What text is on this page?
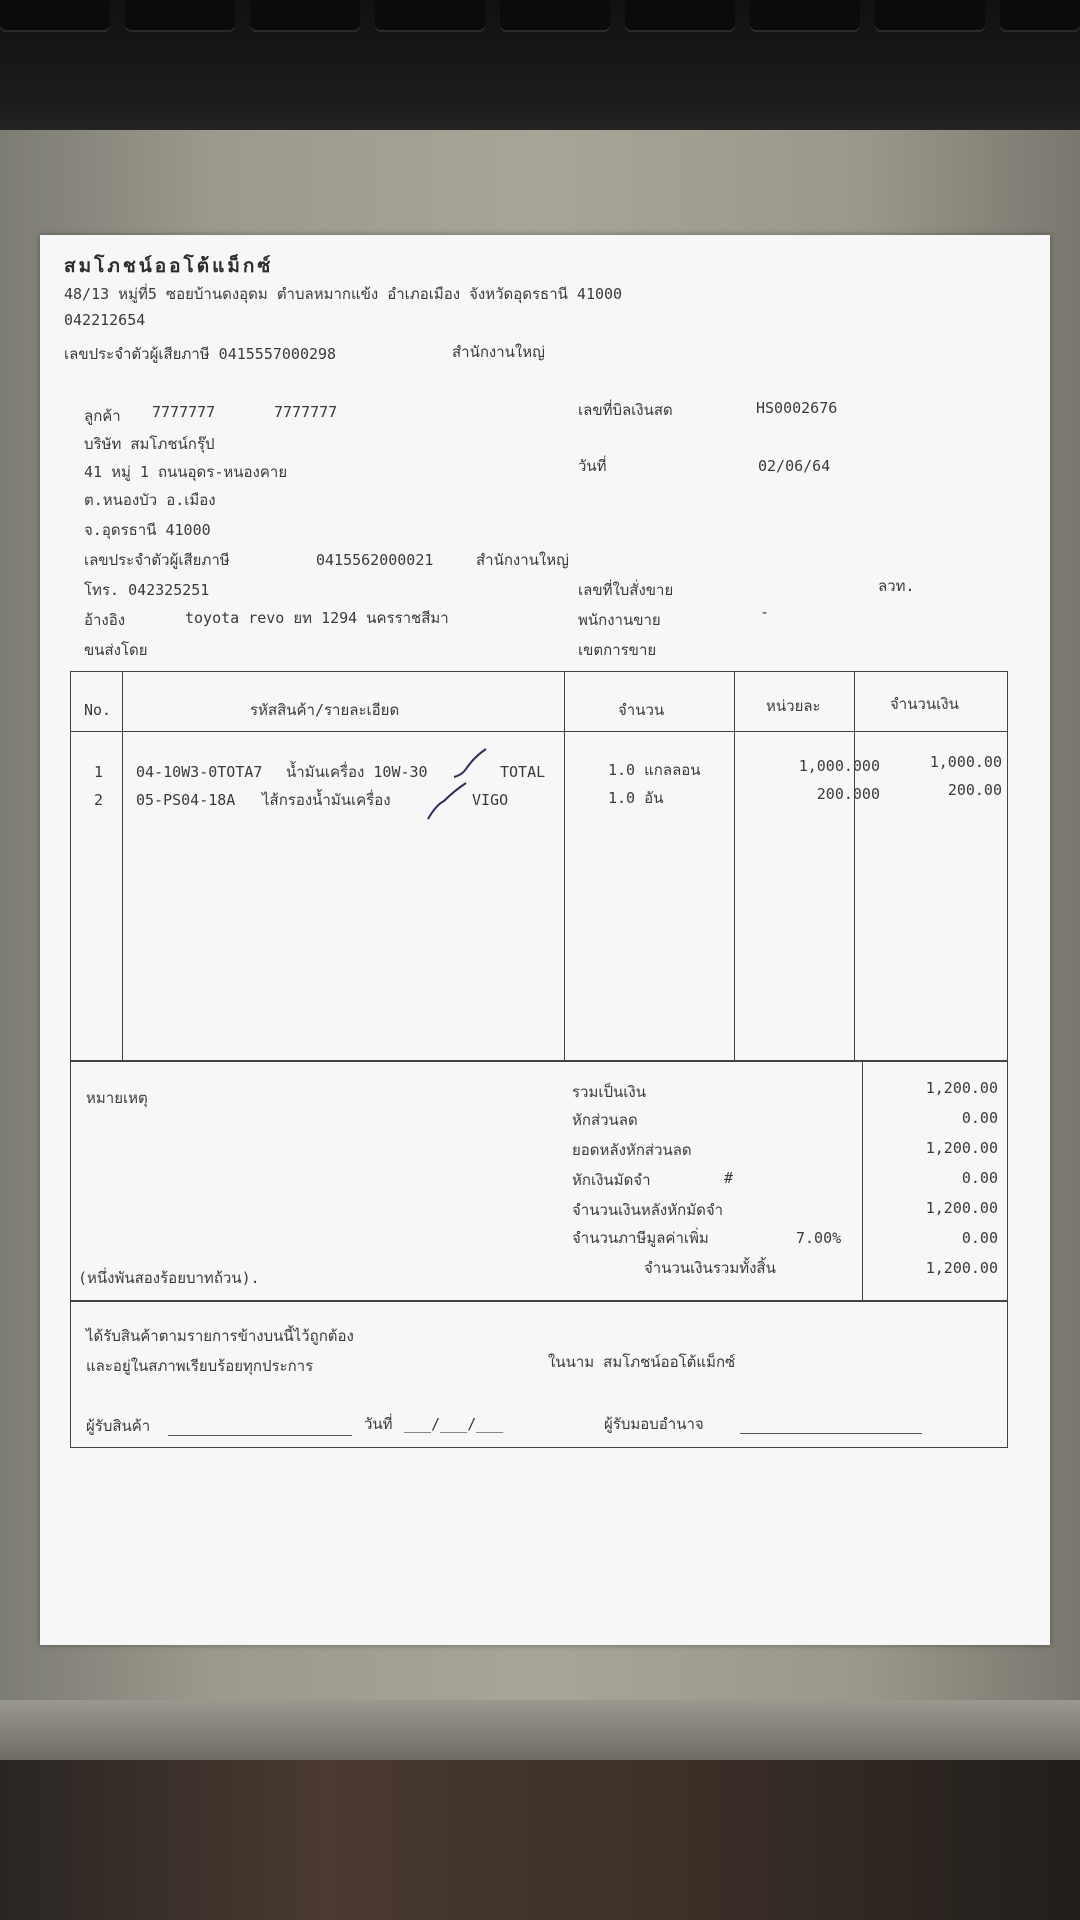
สมโภชน์ออโต้แม็กซ์
48/13 หมู่ที่5 ซอยบ้านดงอุดม ตำบลหมากแข้ง อำเภอเมือง จังหวัดอุดรธานี 41000
042212654
เลขประจำตัวผู้เสียภาษี 0415557000298	สำนักงานใหญ่
ลูกค้า 7777777	7777777
บริษัท สมโภชน์กรุ๊ป
41 หมู่ 1 ถนนอุดร-หนองคาย
ต.หนองบัว อ.เมือง
จ.อุดรธานี 41000
เลขประจำตัวผู้เสียภาษี	0415562000021	สำนักงานใหญ่
โทร. 042325251
อ้างอิง	toyota revo ยท 1294 นครราชสีมา
ขนส่งโดย
เลขที่บิลเงินสด	HS0002676
วันที่	02/06/64
เลขที่ใบสั่งขาย	ลวท.
พนักงานขาย	-
เขตการขาย
No.	รหัสสินค้า/รายละเอียด	จำนวน	หน่วยละ	จำนวนเงิน
1 04-10W3-0TOTA7 น้ำมันเครื่อง 10W-30	TOTAL	1.0 แกลลอน	1,000.000	1,000.00
2 05-PS04-18A ไส้กรองน้ำมันเครื่อง	VIGO	1.0 อัน	200.000	200.00
หมายเหตุ
(หนึ่งพันสองร้อยบาทถ้วน).
รวมเป็นเงิน	1,200.00
หักส่วนลด	0.00
ยอดหลังหักส่วนลด	1,200.00
หักเงินมัดจำ	#	0.00
จำนวนเงินหลังหักมัดจำ	1,200.00
จำนวนภาษีมูลค่าเพิ่ม	7.00%	0.00
จำนวนเงินรวมทั้งสิ้น	1,200.00
ได้รับสินค้าตามรายการข้างบนนี้ไว้ถูกต้อง
และอยู่ในสภาพเรียบร้อยทุกประการ	ในนาม สมโภชน์ออโต้แม็กซ์
ผู้รับสินค้า	วันที่ ___/___/___	ผู้รับมอบอำนาจ
